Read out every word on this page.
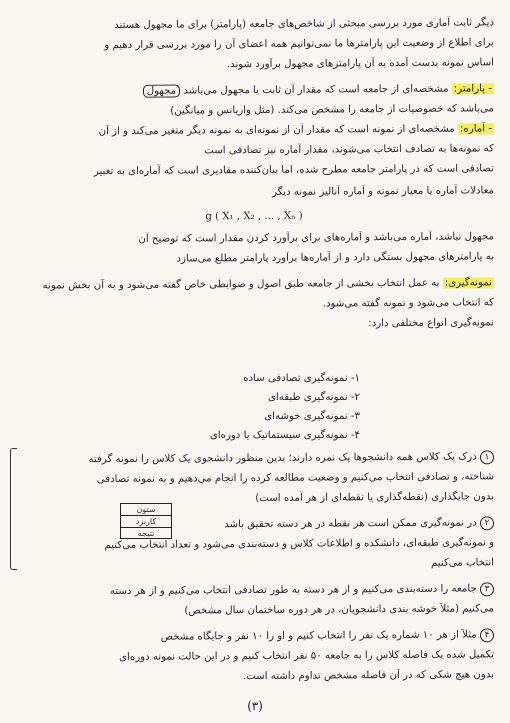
دیگر ثابت آماری مورد بررسی مبحثی از شاخص‌های جامعه (پارامتر) برای ما مجهول هستند
برای اطلاع از وضعیت این پارامترها ما نمی‌توانیم همه اعضای آن را مورد بررسی قرار دهیم و
اساس نمونه بدست آمده به آن پارامترهای مجهول برآورد شوند.
- پارامتر: مشخصه‌ای از جامعه است که مقدار آن ثابت یا مجهول می‌باشد مجهول
می‌باشد که خصوصیات از جامعه را مشخص می‌کند. (مثل واریانس و میانگین)
- آماره: مشخصه‌ای از نمونه است که مقدار آن از نمونه‌ای به نمونه دیگر متغیر می‌کند و از آن
که نمونه‌ها به تصادف انتخاب می‌شوند، مقدار آماره نیز تصادفی است
تصادفی است که در پارامتر جامعه مطرح شده، اما بیان‌کننده مقادیری است که آماره‌ای به تعبیر
معادلات آماره یا معیار نمونه و آماره آنالیز نمونه دیگر
g ( X₁ , X₂ , ... , Xₙ )
مجهول نباشد، آماره می‌باشد و آماره‌های برای برآورد کردن مقدار است که توضیح آن
به پارامترهای مجهول بستگی دارد و از آماره‌ها برآورد پارامتر مطلع می‌سازد
نمونه‌گیری: به عمل انتخاب بخشی از جامعه طبق اصول و ضوابطی خاص گفته می‌شود و به آن بخش نمونه
که انتخاب می‌شود و نمونه گفته می‌شود.
نمونه‌گیری انواع مختلفی دارد:
۱- نمونه‌گیری تصادفی ساده
۲- نمونه‌گیری طبقه‌ای
۳- نمونه‌گیری خوشه‌ای
۴- نمونه‌گیری سیستماتیک یا دوره‌ای
۱ درک یک کلاس همه دانشجوها یک نمره دارند؛ بدین منظور دانشجوی یک کلاس را نمونه گرفته
شناخته، و تصادفی انتخاب می‌کنیم و وضعیت مطالعه کرده را انجام می‌دهیم و به نمونه تصادفی
بدون جایگذاری (نقطه‌گذاری یا نقطه‌ای از هر آمده است)
۲ در نمونه‌گیری ممکن است هر نقطه در هر دسته تحقیق باشد
و نمونه‌گیری طبقه‌ای، دانشکده و اطلاعات کلاس و دسته‌بندی می‌شود و تعداد انتخاب می‌کنیم
انتخاب می‌کنیم
۳ جامعه را دسته‌بندی می‌کنیم و از هر دسته به طور تصادفی انتخاب می‌کنیم و از هر دسته
می‌کنیم (مثلاً خوشه بندی دانشجویان، در هر دوره ساختمان سال مشخص)
۴ مثلاً از هر ۱۰ شماره یک نفر را انتخاب کنیم و او را ۱۰ نفر و جایگاه مشخص
تکمیل شده یک فاصله کلاس را به جامعه ۵۰ نفر انتخاب کنیم و در این حالت نمونه دوره‌ای
بدون هیچ شکی که در آن فاصله مشخص تداوم داشته است.
ستون
کاربرد
نتیجه
(۳)
